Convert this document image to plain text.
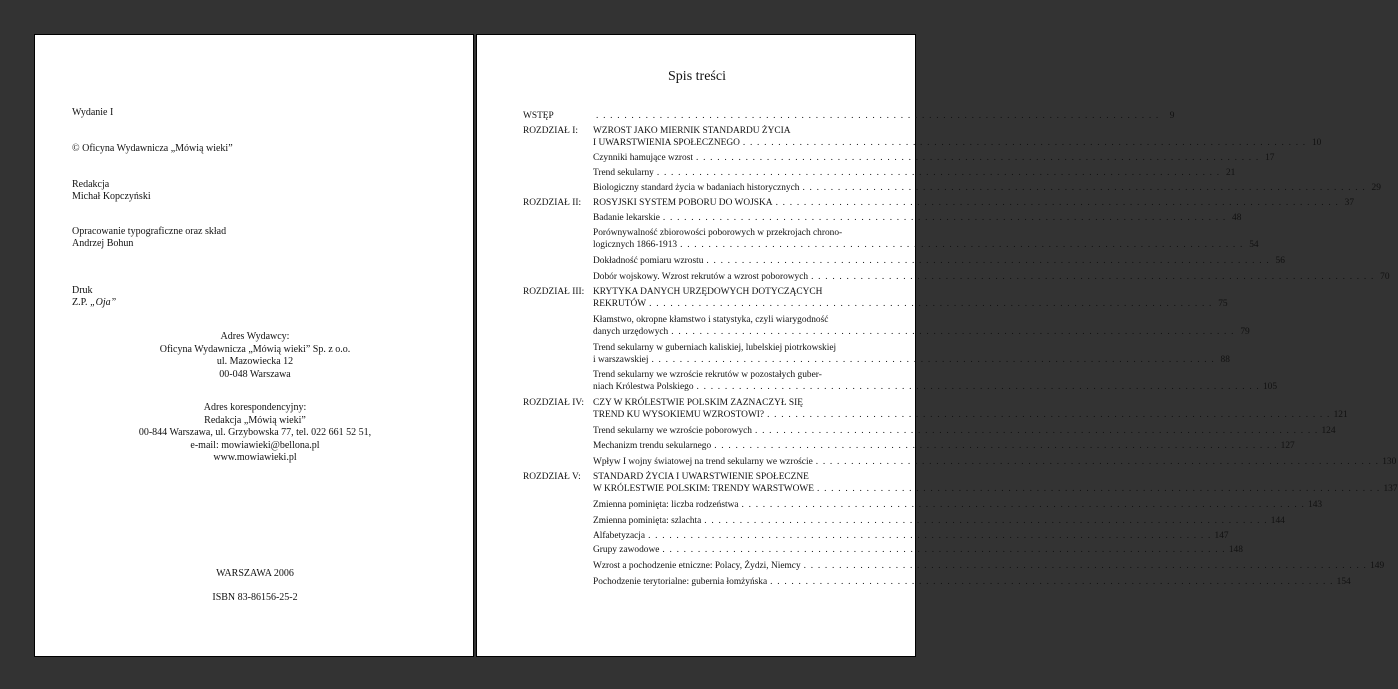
Wydanie I
© Oficyna Wydawnicza „Mówią wieki”
Redakcja
Michał Kopczyński
Opracowanie typograficzne oraz skład
Andrzej Bohun
Druk
Z.P. „Oja”
Adres Wydawcy:
Oficyna Wydawnicza „Mówią wieki” Sp. z o.o.
ul. Mazowiecka 12
00-048 Warszawa
Adres korespondencyjny:
Redakcja „Mówią wieki”
00-844 Warszawa, ul. Grzybowska 77, tel. 022 661 52 51,
e-mail: mowiawieki@bellona.pl
www.mowiawieki.pl
WARSZAWA 2006
ISBN 83-86156-25-2
Spis treści
WSTĘP	. . . . . . . . . . . . . . . . . . . . . . . . . . . . . . . . . . . . . . . . . . . . . . . . . . . . . . . . . . . . . . . . . . . . . . . . . . . . . . . .	9
ROZDZIAŁ I: WZROST JAKO MIERNIK STANDARDU ŻYCIA
I UWARSTWIENIA SPOŁECZNEGO . . . . . . . . . . . . . . . . . . . . . . . . . . . . . . . . . . . . . . . . . . . . . . . . . . . . . . . . . . . . . . . . . . . . . . . . . . . . . . . . 10
Czynniki hamujące wzrost . . . . . . . . . . . . . . . . . . . . . . . . . . . . . . . . . . . . . . . . . . . . . . . . . . . . . . . . . . . . . . . . . . . . . . . . . . . . . . . . 17
Trend sekularny . . . . . . . . . . . . . . . . . . . . . . . . . . . . . . . . . . . . . . . . . . . . . . . . . . . . . . . . . . . . . . . . . . . . . . . . . . . . . . . . 21
Biologiczny standard życia w badaniach historycznych . . . . . . . . . . . . . . . . . . . . . . . . . . . . . . . . . . . . . . . . . . . . . . . . . . . . . . . . . . . . . . . . . . . . . . . . . . . . . . . . 29
ROZDZIAŁ II: ROSYJSKI SYSTEM POBORU DO WOJSKA . . . . . . . . . . . . . . . . . . . . . . . . . . . . . . . . . . . . . . . . . . . . . . . . . . . . . . . . . . . . . . . . . . . . . . . . . . . . . . . . 37
Badanie lekarskie . . . . . . . . . . . . . . . . . . . . . . . . . . . . . . . . . . . . . . . . . . . . . . . . . . . . . . . . . . . . . . . . . . . . . . . . . . . . . . . . 48
Porównywalność zbiorowości poborowych w przekrojach chrono-
logicznych 1866-1913 . . . . . . . . . . . . . . . . . . . . . . . . . . . . . . . . . . . . . . . . . . . . . . . . . . . . . . . . . . . . . . . . . . . . . . . . . . . . . . . . 54
Dokładność pomiaru wzrostu . . . . . . . . . . . . . . . . . . . . . . . . . . . . . . . . . . . . . . . . . . . . . . . . . . . . . . . . . . . . . . . . . . . . . . . . . . . . . . . . 56
Dobór wojskowy. Wzrost rekrutów a wzrost poborowych . . . . . . . . . . . . . . . . . . . . . . . . . . . . . . . . . . . . . . . . . . . . . . . . . . . . . . . . . . . . . . . . . . . . . . . . . . . . . . . . 70
ROZDZIAŁ III: KRYTYKA DANYCH URZĘDOWYCH DOTYCZĄCYCH
REKRUTÓW . . . . . . . . . . . . . . . . . . . . . . . . . . . . . . . . . . . . . . . . . . . . . . . . . . . . . . . . . . . . . . . . . . . . . . . . . . . . . . . . 75
Kłamstwo, okropne kłamstwo i statystyka, czyli wiarygodność
danych urzędowych . . . . . . . . . . . . . . . . . . . . . . . . . . . . . . . . . . . . . . . . . . . . . . . . . . . . . . . . . . . . . . . . . . . . . . . . . . . . . . . . 79
Trend sekularny w guberniach kaliskiej, lubelskiej piotrkowskiej
i warszawskiej . . . . . . . . . . . . . . . . . . . . . . . . . . . . . . . . . . . . . . . . . . . . . . . . . . . . . . . . . . . . . . . . . . . . . . . . . . . . . . . . 88
Trend sekularny we wzroście rekrutów w pozostałych guber-
niach Królestwa Polskiego . . . . . . . . . . . . . . . . . . . . . . . . . . . . . . . . . . . . . . . . . . . . . . . . . . . . . . . . . . . . . . . . . . . . . . . . . . . . . . . . 105
ROZDZIAŁ IV: CZY W KRÓLESTWIE POLSKIM ZAZNACZYŁ SIĘ
TREND KU WYSOKIEMU WZROSTOWI? . . . . . . . . . . . . . . . . . . . . . . . . . . . . . . . . . . . . . . . . . . . . . . . . . . . . . . . . . . . . . . . . . . . . . . . . . . . . . . . . 121
Trend sekularny we wzroście poborowych . . . . . . . . . . . . . . . . . . . . . . . . . . . . . . . . . . . . . . . . . . . . . . . . . . . . . . . . . . . . . . . . . . . . . . . . . . . . . . . . 124
Mechanizm trendu sekularnego . . . . . . . . . . . . . . . . . . . . . . . . . . . . . . . . . . . . . . . . . . . . . . . . . . . . . . . . . . . . . . . . . . . . . . . . . . . . . . . . 127
Wpływ I wojny światowej na trend sekularny we wzroście . . . . . . . . . . . . . . . . . . . . . . . . . . . . . . . . . . . . . . . . . . . . . . . . . . . . . . . . . . . . . . . . . . . . . . . . . . . . . . . . 130
ROZDZIAŁ V: STANDARD ŻYCIA I UWARSTWIENIE SPOŁECZNE
W KRÓLESTWIE POLSKIM: TRENDY WARSTWOWE . . . . . . . . . . . . . . . . . . . . . . . . . . . . . . . . . . . . . . . . . . . . . . . . . . . . . . . . . . . . . . . . . . . . . . . . . . . . . . . . 137
Zmienna pominięta: liczba rodzeństwa . . . . . . . . . . . . . . . . . . . . . . . . . . . . . . . . . . . . . . . . . . . . . . . . . . . . . . . . . . . . . . . . . . . . . . . . . . . . . . . . 143
Zmienna pominięta: szlachta . . . . . . . . . . . . . . . . . . . . . . . . . . . . . . . . . . . . . . . . . . . . . . . . . . . . . . . . . . . . . . . . . . . . . . . . . . . . . . . . 144
Alfabetyzacja . . . . . . . . . . . . . . . . . . . . . . . . . . . . . . . . . . . . . . . . . . . . . . . . . . . . . . . . . . . . . . . . . . . . . . . . . . . . . . . . 147
Grupy zawodowe . . . . . . . . . . . . . . . . . . . . . . . . . . . . . . . . . . . . . . . . . . . . . . . . . . . . . . . . . . . . . . . . . . . . . . . . . . . . . . . . 148
Wzrost a pochodzenie etniczne: Polacy, Żydzi, Niemcy . . . . . . . . . . . . . . . . . . . . . . . . . . . . . . . . . . . . . . . . . . . . . . . . . . . . . . . . . . . . . . . . . . . . . . . . . . . . . . . . 149
Pochodzenie terytorialne: gubernia łomżyńska . . . . . . . . . . . . . . . . . . . . . . . . . . . . . . . . . . . . . . . . . . . . . . . . . . . . . . . . . . . . . . . . . . . . . . . . . . . . . . . . 154
